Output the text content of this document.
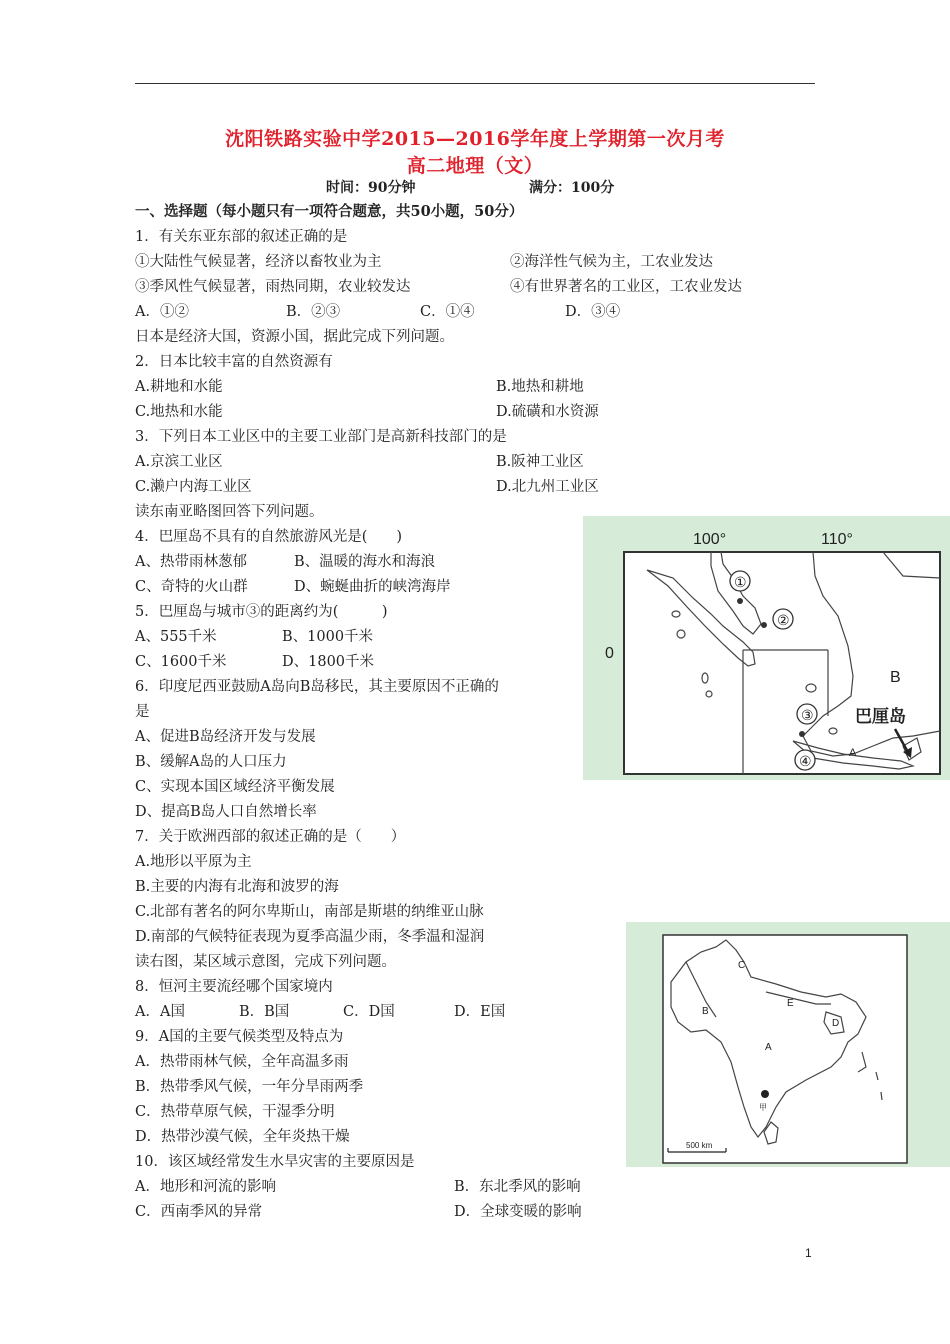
沈阳铁路实验中学2015—2016学年度上学期第一次月考
高二地理（文）
时间：90分钟	满分：100分
一、选择题（每小题只有一项符合题意，共50小题，50分）
1．有关东亚东部的叙述正确的是
①大陆性气候显著，经济以畜牧业为主
③季风性气候显著，雨热同期，农业较发达
A．①②
日本是经济大国，资源小国，据此完成下列问题。
2．日本比较丰富的自然资源有
A.耕地和水能
C.地热和水能
3．下列日本工业区中的主要工业部门是高新科技部门的是
A.京滨工业区
C.濑户内海工业区
读东南亚略图回答下列问题。
4．巴厘岛不具有的自然旅游风光是(　　)
A、热带雨林葱郁
C、奇特的火山群
5．巴厘岛与城市③的距离约为(　　　)
A、555千米
C、1600千米
6．印度尼西亚鼓励A岛向B岛移民，其主要原因不正确的
是
A、促进B岛经济开发与发展
B、缓解A岛的人口压力
C、实现本国区域经济平衡发展
D、提高B岛人口自然增长率
7．关于欧洲西部的叙述正确的是（　　）
A.地形以平原为主
B.主要的内海有北海和波罗的海
C.北部有著名的阿尔卑斯山，南部是斯堪的纳维亚山脉
D.南部的气候特征表现为夏季高温少雨，冬季温和湿润
读右图，某区域示意图，完成下列问题。
8．恒河主要流经哪个国家境内
A．A国
9．A国的主要气候类型及特点为
A．热带雨林气候，全年高温多雨
B．热带季风气候，一年分旱雨两季
C．热带草原气候，干湿季分明
D．热带沙漠气候，全年炎热干燥
10．该区域经常发生水旱灾害的主要原因是
A．地形和河流的影响
C．西南季风的异常
②海洋性气候为主，工农业发达
④有世界著名的工业区，工农业发达
B．②③	C．①④	D．③④
B.地热和耕地
D.硫磺和水资源
B.阪神工业区
D.北九州工业区
B、温暖的海水和海浪
D、蜿蜒曲折的峡湾海岸
B、1000千米
D、1800千米
B．B国	C．D国	D．E国
B．东北季风的影响
D．全球变暖的影响
100°	110°
0
①
②
③
④
B
A
巴厘岛
C
B
E
D
A
甲
500 km
1
